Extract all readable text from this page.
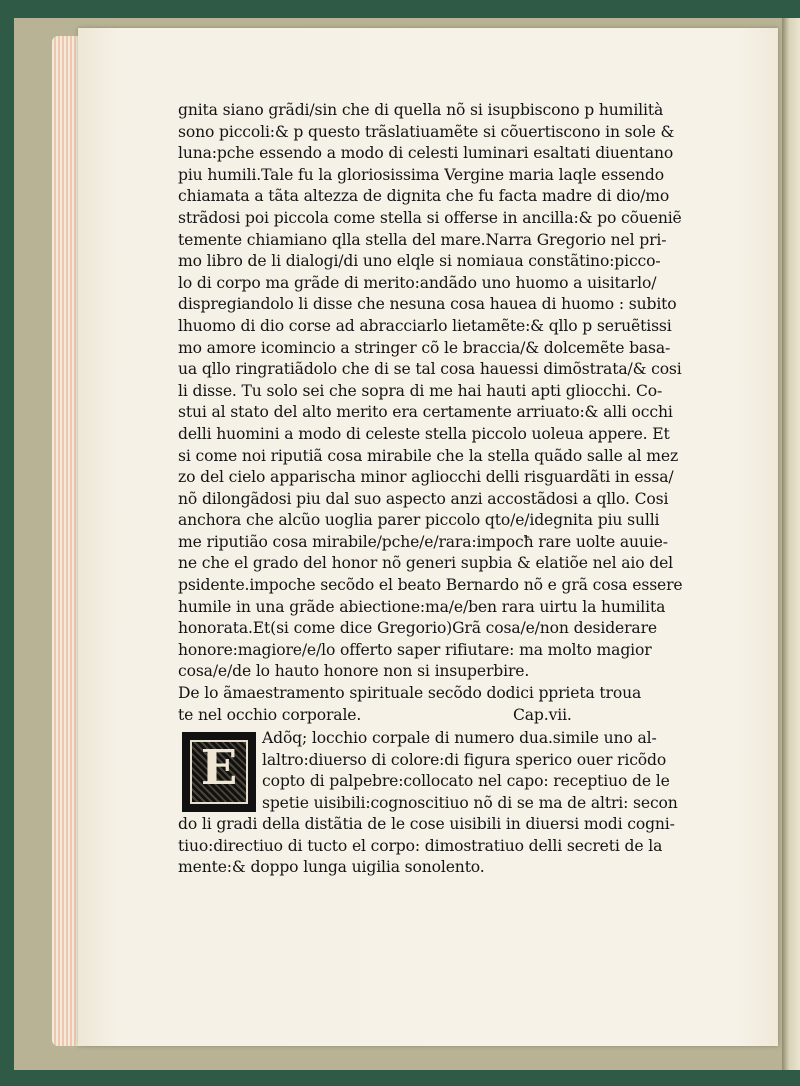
gnita siano grãdi/sin che di quella nõ si isupbiscono p humilità
sono piccoli:& p questo trãslatiuamẽte si cõuertiscono in sole &
luna:pche essendo a modo di celesti luminari esaltati diuentano
piu humili.Tale fu la gloriosissima Vergine maria laqle essendo
chiamata a tãta altezza de dignita che fu facta madre di dio/mo
strãdosi poi piccola come stella si offerse in ancilla:& po cõueniẽ
temente chiamiano qlla stella del mare.Narra Gregorio nel pri-
mo libro de li dialogi/di uno elqle si nomiaua constãtino:picco-
lo di corpo ma grãde di merito:andãdo uno huomo a uisitarlo/
dispregiandolo li disse che nesuna cosa hauea di huomo : subito
lhuomo di dio corse ad abracciarlo lietamẽte:& qllo p seruẽtissi
mo amore icomincio a stringer cõ le braccia/& dolcemẽte basa-
ua qllo ringratiãdolo che di se tal cosa hauessi dimõstrata/& cosi
li disse. Tu solo sei che sopra di me hai hauti apti gliocchi. Co-
stui al stato del alto merito era certamente arriuato:& alli occhi
delli huomini a modo di celeste stella piccolo uoleua appere. Et
si come noi riputiã cosa mirabile che la stella quãdo salle al mez
zo del cielo apparischa minor agliocchi delli risguardãti in essa/
nõ dilongãdosi piu dal suo aspecto anzi accostãdosi a qllo. Cosi
anchora che alcũo uoglia parer piccolo qto/e/idegnita piu sulli
me riputião cosa mirabile/pche/e/rara:impocħ rare uolte auuie-
ne che el grado del honor nõ generi supbia & elatiõe nel aio del
psidente.impoche secõdo el beato Bernardo nõ e grã cosa essere
humile in una grãde abiectione:ma/e/ben rara uirtu la humilita
honorata.Et(si come dice Gregorio)Grã cosa/e/non desiderare
honore:magiore/e/lo offerto saper rifiutare: ma molto magior
cosa/e/de lo hauto honore non si insuperbire.
De lo ãmaestramento spirituale secõdo dodici pprieta troua
te nel occhio corporale.	Cap.vii.
E
Adõq; locchio corpale di numero dua.simile uno al-
laltro:diuerso di colore:di figura sperico ouer ricõdo
copto di palpebre:collocato nel capo: receptiuo de le
spetie uisibili:cognoscitiuo nõ di se ma de altri: secon
do li gradi della distãtia de le cose uisibili in diuersi modi cogni-
tiuo:directiuo di tucto el corpo: dimostratiuo delli secreti de la
mente:& doppo lunga uigilia sonolento.
